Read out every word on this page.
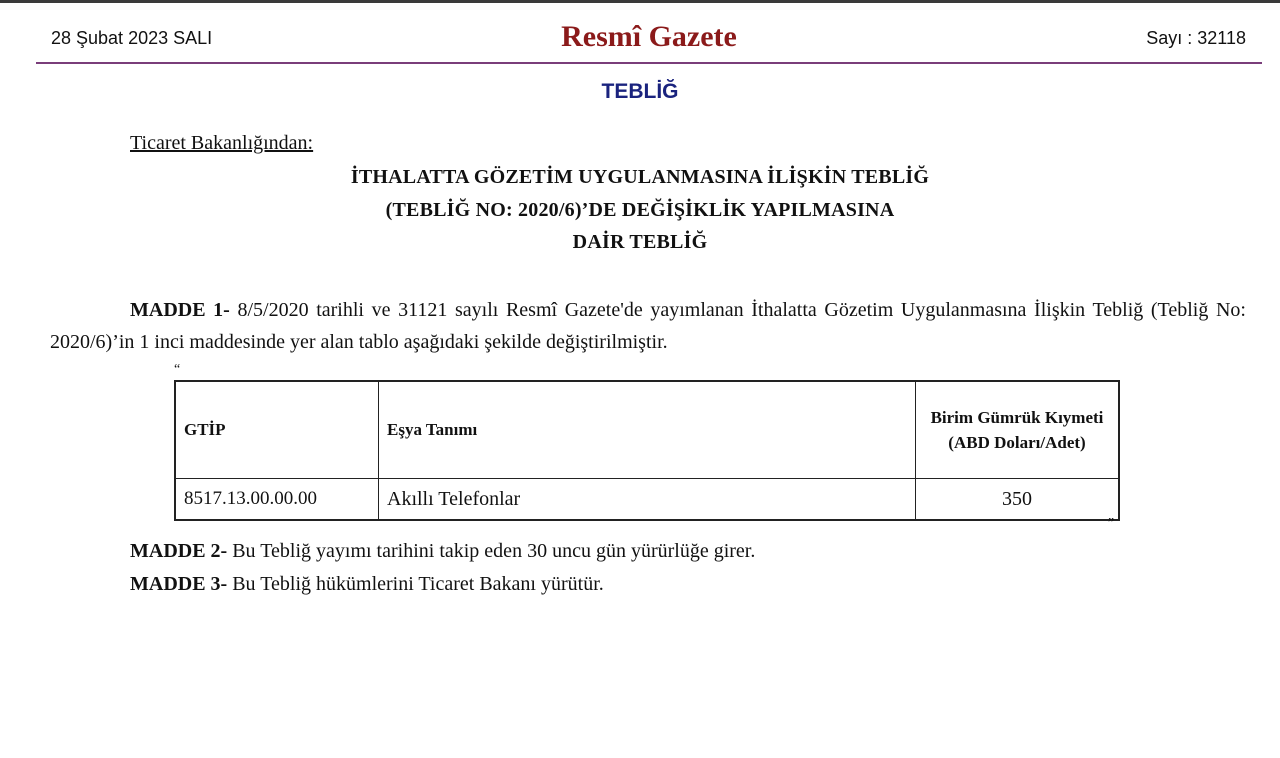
28 Şubat 2023 SALI	Resmî Gazete	Sayı : 32118
TEBLİĞ
Ticaret Bakanlığından:
İTHALATTA GÖZETİM UYGULANMASINA İLİŞKİN TEBLİĞ
(TEBLİĞ NO: 2020/6)’DE DEĞİŞİKLİK YAPILMASINA
DAİR TEBLİĞ
MADDE 1- 8/5/2020 tarihli ve 31121 sayılı Resmî Gazete'de yayımlanan İthalatta Gözetim Uygulanmasına İlişkin Tebliğ (Tebliğ No: 2020/6)’in 1 inci maddesinde yer alan tablo aşağıdaki şekilde değiştirilmiştir.
“
GTİP	Eşya Tanımı	Birim Gümrük Kıymeti
(ABD Doları/Adet)
8517.13.00.00.00	Akıllı Telefonlar	350
”
MADDE 2- Bu Tebliğ yayımı tarihini takip eden 30 uncu gün yürürlüğe girer.
MADDE 3- Bu Tebliğ hükümlerini Ticaret Bakanı yürütür.
